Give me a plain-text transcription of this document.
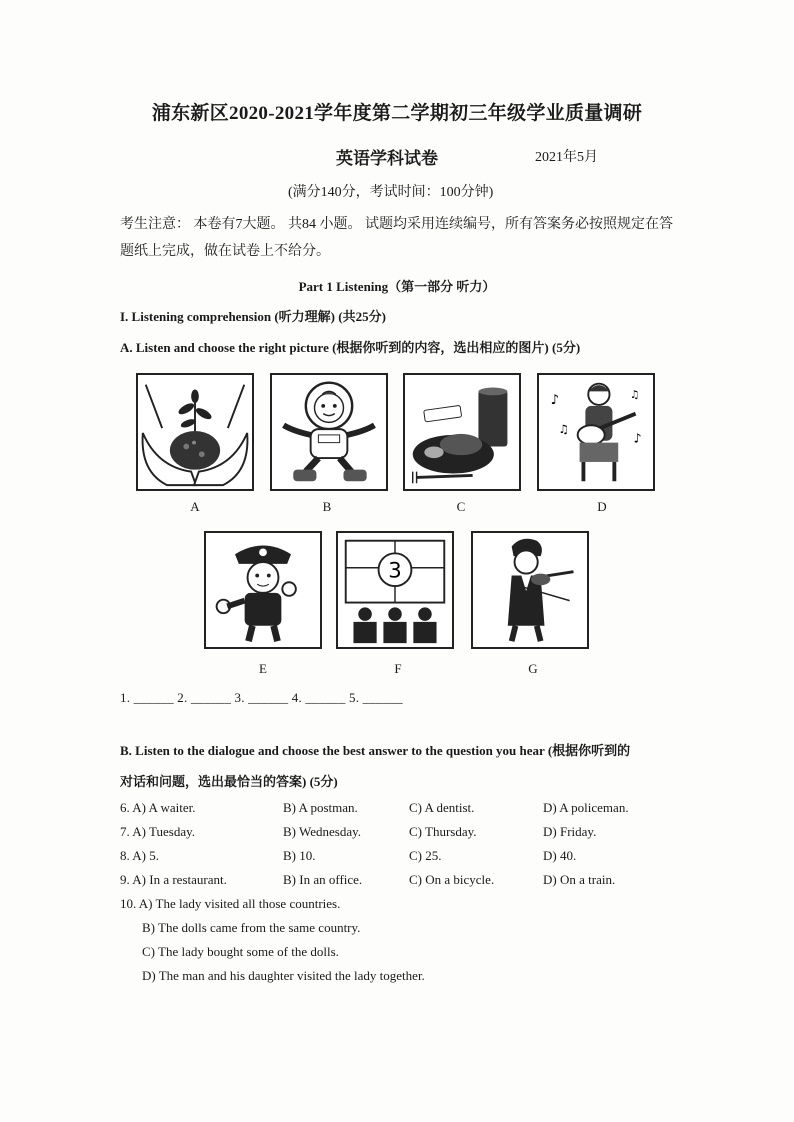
浦东新区2020-2021学年度第二学期初三年级学业质量调研
英语学科试卷	2021年5月
(满分140分，考试时间：100分钟)
考生注意： 本卷有7大题。 共84 小题。 试题均采用连续编号，所有答案务必按照规定在答题纸上完成，做在试卷上不给分。
Part 1 Listening（第一部分 听力）
I. Listening comprehension (听力理解) (共25分)
A. Listen and choose the right picture (根据你听到的内容，选出相应的图片) (5分)
A	B	C
♪
♫
♪
♫
D
E
3
F	G
1. ______ 2. ______ 3. ______ 4. ______ 5. ______
B. Listen to the dialogue and choose the best answer to the question you hear (根据你听到的
对话和问题，选出最恰当的答案) (5分)
6. A) A waiter.	B) A postman.	C) A dentist.	D) A policeman.
7. A) Tuesday.	B) Wednesday.	C) Thursday.	D) Friday.
8. A) 5.	B) 10.	C) 25.	D) 40.
9. A) In a restaurant.	B) In an office.	C) On a bicycle.	D) On a train.
10. A) The lady visited all those countries.
B) The dolls came from the same country.
C) The lady bought some of the dolls.
D) The man and his daughter visited the lady together.
